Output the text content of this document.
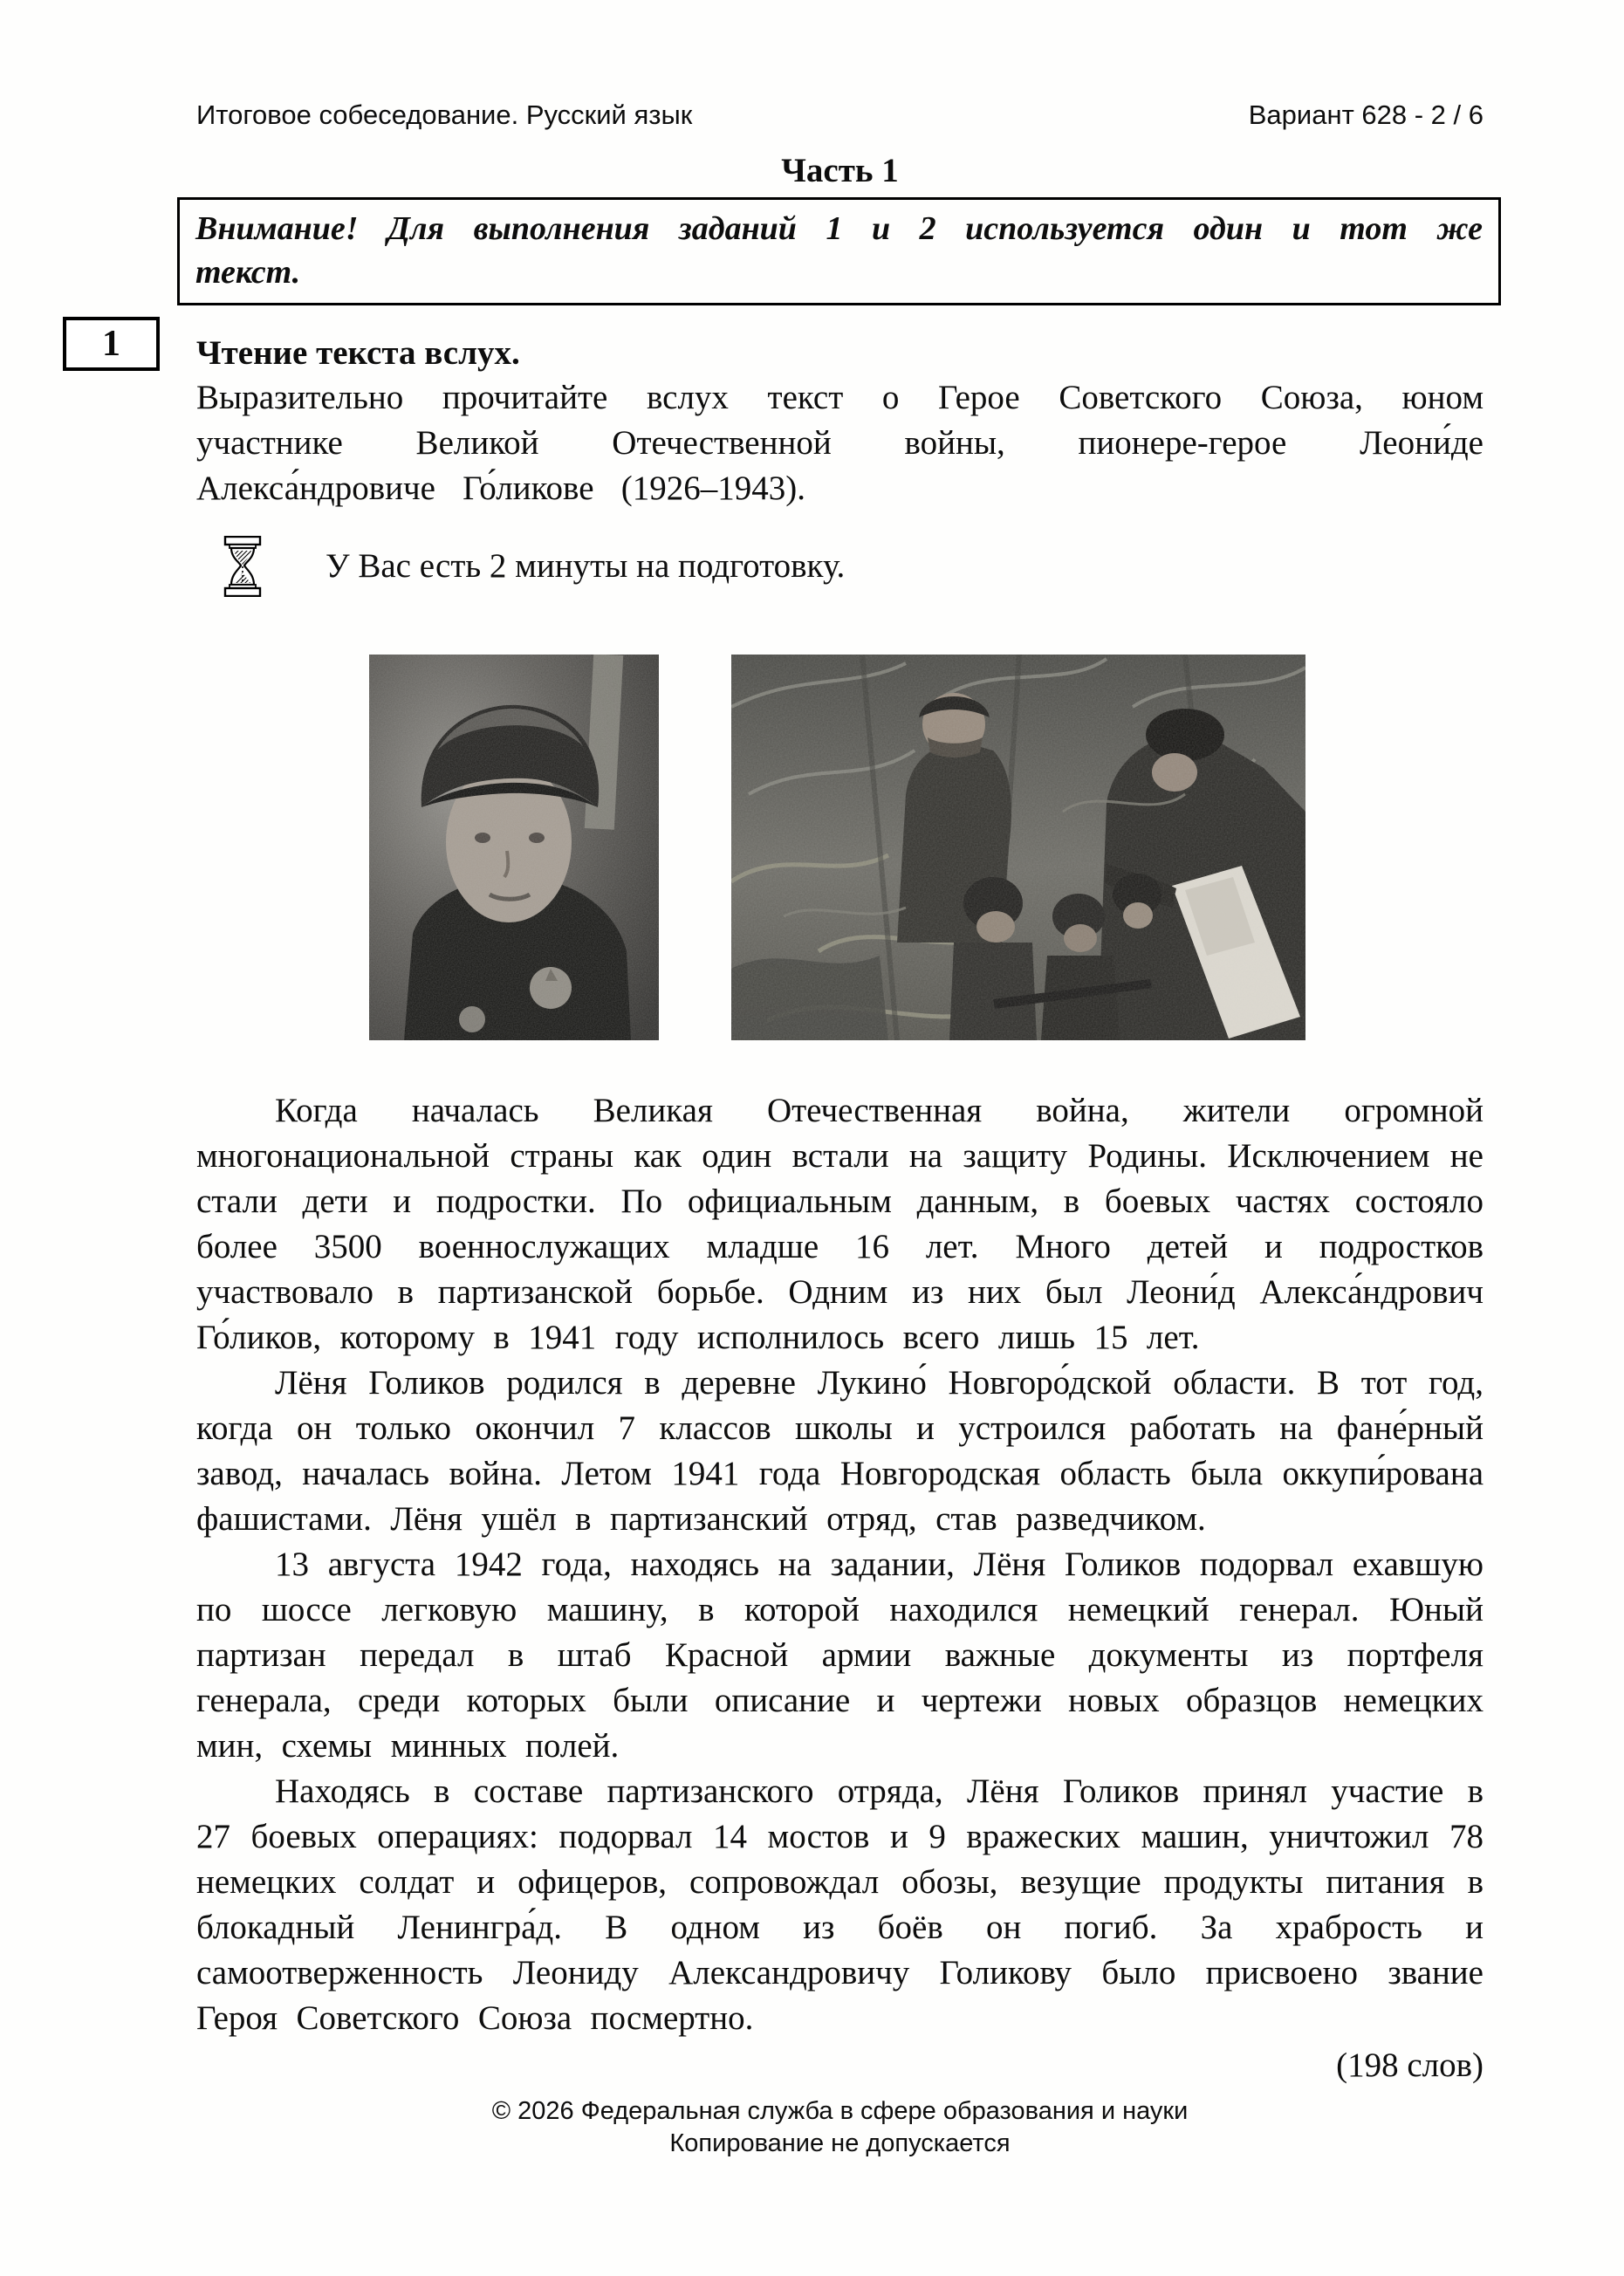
1
Итоговое собеседование. Русский язык	Вариант 628 - 2 / 6
Часть 1
Внимание! Для выполнения заданий 1 и 2 используется один и тот же текст.
Чтение текста вслух.

Выразительно прочитайте вслух текст о Герое Советского Союза, юном участнике Великой Отечественной войны, пионере-герое Леони́де Алекса́ндровиче Го́ликове (1926–1943).

У Вас есть 2 минуты на подготовку.

Когда началась Великая Отечественная война, жители огромной многонациональной страны как один встали на защиту Родины. Исключением не стали дети и подростки. По официальным данным, в боевых частях состояло более 3500 военнослужащих младше 16 лет. Много детей и подростков участвовало в партизанской борьбе. Одним из них был Леони́д Алекса́ндрович Го́ликов, которому в 1941 году исполнилось всего лишь 15 лет.

Лёня Голиков родился в деревне Лукино́ Новгоро́дской области. В тот год, когда он только окончил 7 классов школы и устроился работать на фане́рный завод, началась война. Летом 1941 года Новгородская область была оккупи́рована фашистами. Лёня ушёл в партизанский отряд, став разведчиком.

13 августа 1942 года, находясь на задании, Лёня Голиков подорвал ехавшую по шоссе легковую машину, в которой находился немецкий генерал. Юный партизан передал в штаб Красной армии важные документы из портфеля генерала, среди которых были описание и чертежи новых образцов немецких мин, схемы минных полей.

Находясь в составе партизанского отряда, Лёня Голиков принял участие в 27 боевых операциях: подорвал 14 мостов и 9 вражеских машин, уничтожил 78 немецких солдат и офицеров, сопровождал обозы, везущие продукты питания в блокадный Ленингра́д. В одном из боёв он погиб. За храбрость и самоотверженность Леониду Александровичу Голикову было присвоено звание Героя Советского Союза посмертно.

(198 слов)
© 2026 Федеральная служба в сфере образования и науки
Копирование не допускается
